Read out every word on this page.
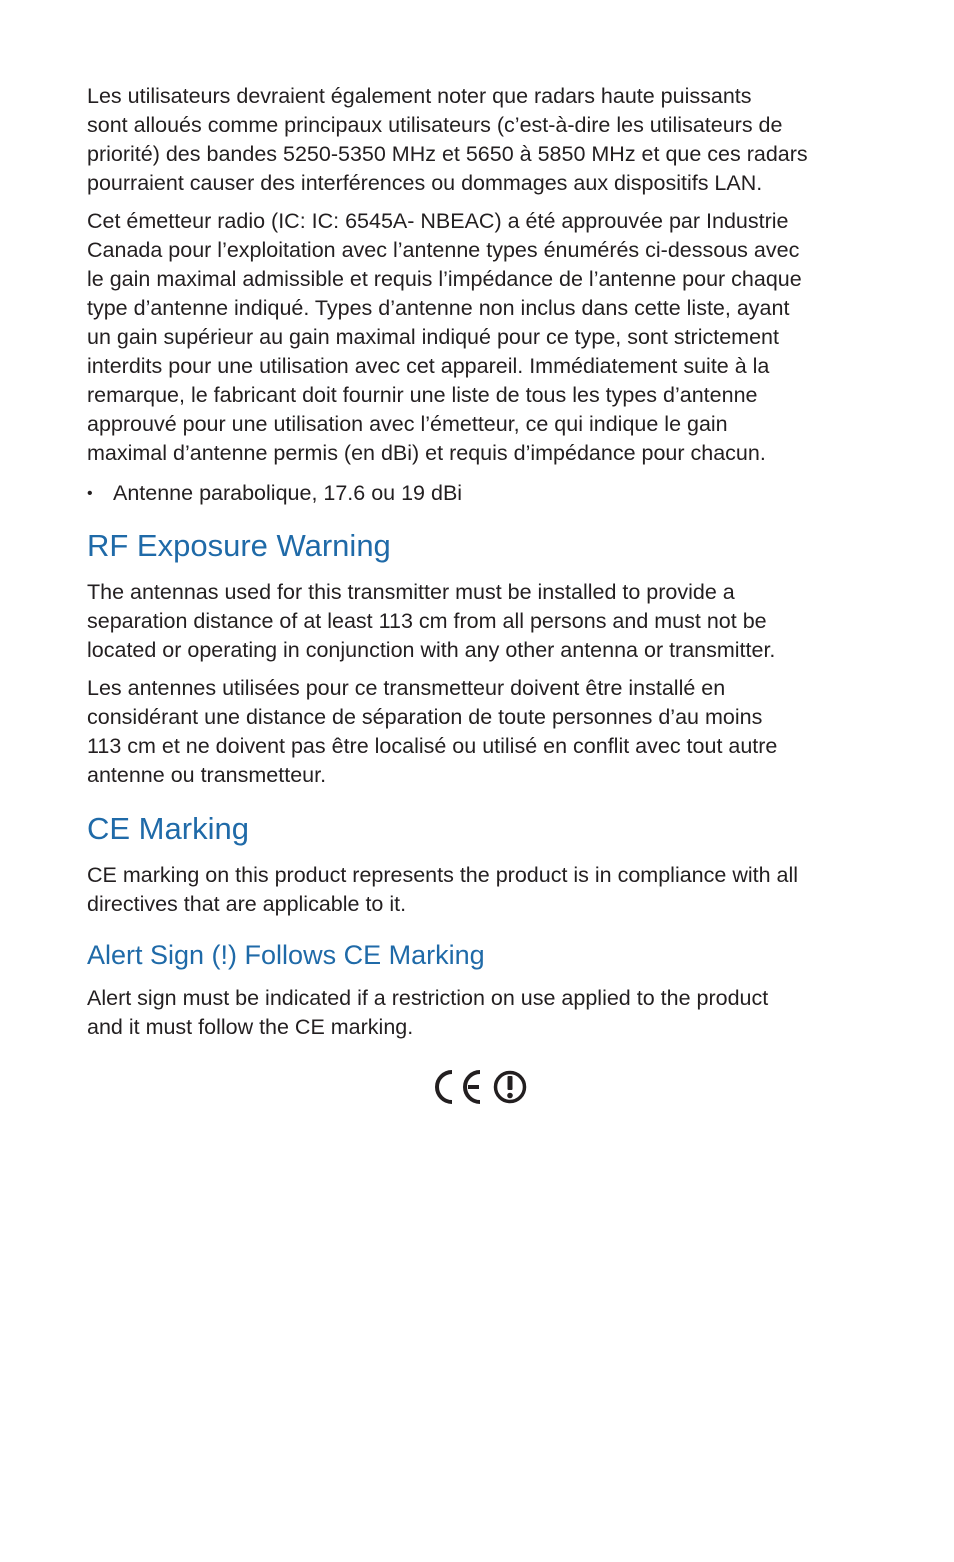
Les utilisateurs devraient également noter que radars haute puissants
sont alloués comme principaux utilisateurs (c’est-à-dire les utilisateurs de
priorité) des bandes 5250-5350 MHz et 5650 à 5850 MHz et que ces radars
pourraient causer des interférences ou dommages aux dispositifs LAN.

Cet émetteur radio (IC: IC: 6545A- NBEAC) a été approuvée par Industrie
Canada pour l’exploitation avec l’antenne types énumérés ci-dessous avec
le gain maximal admissible et requis l’impédance de l’antenne pour chaque
type d’antenne indiqué. Types d’antenne non inclus dans cette liste, ayant
un gain supérieur au gain maximal indiqué pour ce type, sont strictement
interdits pour une utilisation avec cet appareil. Immédiatement suite à la
remarque, le fabricant doit fournir une liste de tous les types d’antenne
approuvé pour une utilisation avec l’émetteur, ce qui indique le gain
maximal d’antenne permis (en dBi) et requis d’impédance pour chacun.

• Antenne parabolique, 17.6 ou 19 dBi
RF Exposure Warning

The antennas used for this transmitter must be installed to provide a
separation distance of at least 113 cm from all persons and must not be
located or operating in conjunction with any other antenna or transmitter.

Les antennes utilisées pour ce transmetteur doivent être installé en
considérant une distance de séparation de toute personnes d’au moins
113 cm et ne doivent pas être localisé ou utilisé en conflit avec tout autre
antenne ou transmetteur.

CE Marking

CE marking on this product represents the product is in compliance with all
directives that are applicable to it.

Alert Sign (!) Follows CE Marking

Alert sign must be indicated if a restriction on use applied to the product
and it must follow the CE marking.
